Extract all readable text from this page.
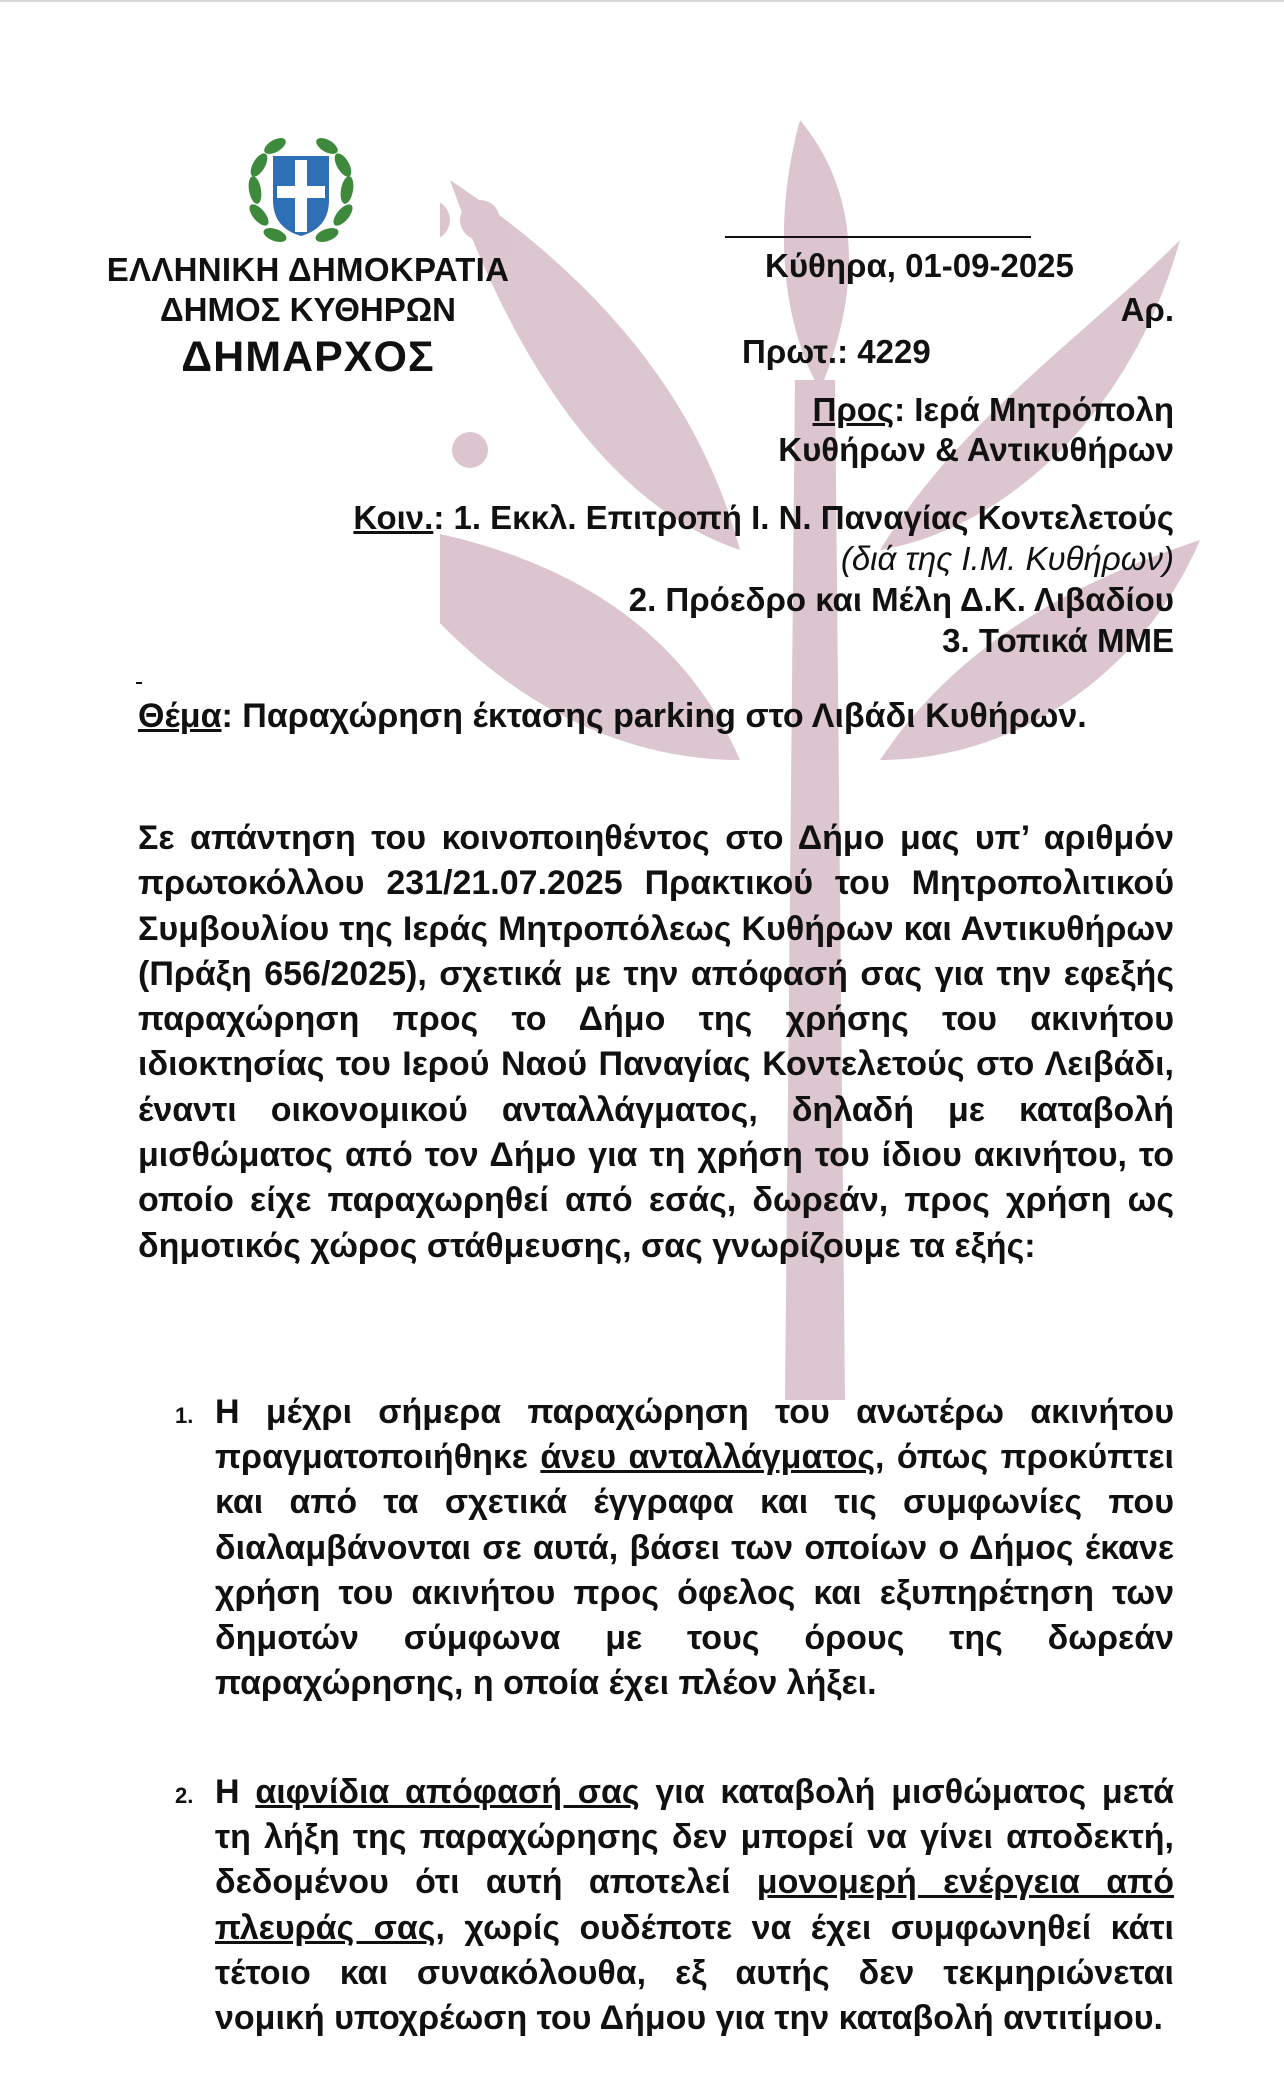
ΕΛΛΗΝΙΚΗ ΔΗΜΟΚΡΑΤΙΑ
ΔΗΜΟΣ ΚΥΘΗΡΩΝ
ΔΗΜΑΡΧΟΣ
Κύθηρα, 01-09-2025
Αρ.
Πρωτ.: 4229
Προς: Ιερά Μητρόπολη
Κυθήρων & Αντικυθήρων
Κοιν.: 1. Εκκλ. Επιτροπή Ι. Ν. Παναγίας Κοντελετούς
(διά της Ι.Μ. Κυθήρων)
2. Πρόεδρο και Μέλη Δ.Κ. Λιβαδίου
3. Τοπικά ΜΜΕ
Θέμα: Παραχώρηση έκτασης parking στο Λιβάδι Κυθήρων.
Σε απάντηση του κοινοποιηθέντος στο Δήμο μας υπ’ αριθμόν πρωτοκόλλου 231/21.07.2025 Πρακτικού του Μητροπολιτικού Συμβουλίου της Ιεράς Μητροπόλεως Κυθήρων και Αντικυθήρων (Πράξη 656/2025), σχετικά με την απόφασή σας για την εφεξής παραχώρηση προς το Δήμο της χρήσης του ακινήτου ιδιοκτησίας του Ιερού Ναού Παναγίας Κοντελετούς στο Λειβάδι, έναντι οικονομικού ανταλλάγματος, δηλαδή με καταβολή μισθώματος από τον Δήμο για τη χρήση του ίδιου ακινήτου, το οποίο είχε παραχωρηθεί από εσάς, δωρεάν, προς χρήση ως δημοτικός χώρος στάθμευσης, σας γνωρίζουμε τα εξής:
1. Η μέχρι σήμερα παραχώρηση του ανωτέρω ακινήτου πραγματοποιήθηκε άνευ ανταλλάγματος, όπως προκύπτει και από τα σχετικά έγγραφα και τις συμφωνίες που διαλαμβάνονται σε αυτά, βάσει των οποίων ο Δήμος έκανε χρήση του ακινήτου προς όφελος και εξυπηρέτηση των δημοτών σύμφωνα με τους όρους της δωρεάν παραχώρησης, η οποία έχει πλέον λήξει.
2. Η αιφνίδια απόφασή σας για καταβολή μισθώματος μετά τη λήξη της παραχώρησης δεν μπορεί να γίνει αποδεκτή, δεδομένου ότι αυτή αποτελεί μονομερή ενέργεια από πλευράς σας, χωρίς ουδέποτε να έχει συμφωνηθεί κάτι τέτοιο και συνακόλουθα, εξ αυτής δεν τεκμηριώνεται νομική υποχρέωση του Δήμου για την καταβολή αντιτίμου.
